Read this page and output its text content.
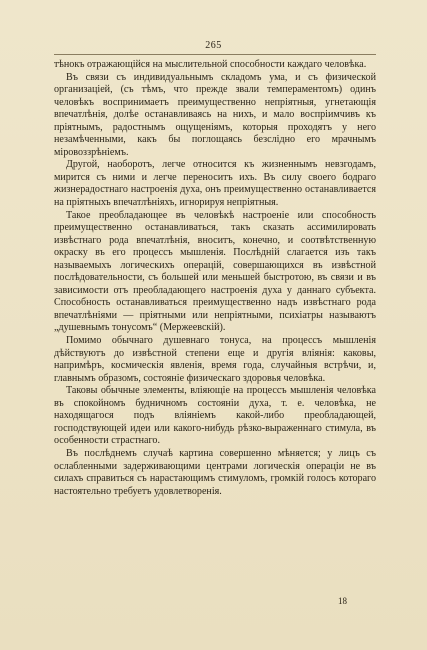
265

тѣнокъ отражающійся на мыслительной способности каждаго человѣка.

Въ связи съ индивидуальнымъ складомъ ума, и съ физической организаціей, (съ тѣмъ, что прежде звали темпераментомъ) одинъ человѣкъ воспринимаетъ преимущественно непріятныя, угнетающія впечатлѣнія, долѣе останавливаясь на нихъ, и мало воспріимчивъ къ пріятнымъ, радостнымъ ощущеніямъ, которыя проходятъ у него незамѣченными, какъ бы поглощаясь безсліднo его мрачнымъ міровоззрѣніемъ.

Другой, наоборотъ, легче относится къ жизненнымъ невзгодамъ, мирится съ ними и легче переноситъ ихъ. Въ силу своего бодраго жизнерадостнаго настроенія духа, онъ преимущественно останавливается на пріятныхъ впечатлѣніяхъ, игнорируя непріятныя.

Такое преобладающее въ человѣкѣ настроеніе или способность преимущественно останавливаться, такъ сказать ассимилировать извѣстнаго рода впечатлѣнія, вноситъ, конечно, и соотвѣтственную окраску въ его процессъ мышленія. Послѣдній слагается изъ такъ называемыхъ логическихъ операцій, совершающихся въ извѣстной послѣдовательности, съ большей или меньшей быстротою, въ связи и въ зависимости отъ преобладающего настроенія духа у даннаго субъекта. Способность останавливаться преимущественно надъ извѣстнаго рода впечатлѣніями — пріятными или непріятными, психіатры называютъ „душевнымъ тонусомъ“ (Мержеевскій).

Помимо обычнаго душевнаго тонуса, на процессъ мышленія дѣйствуютъ до извѣстной степени еще и другія вліянія: каковы, напримѣръ, космическія явленія, время года, случайныя встрѣчи, и, главнымъ образомъ, состояніе физическаго здоровья человѣка.

Таковы обычные элементы, вліяющіе на процессъ мышленія человѣка въ спокойномъ будничномъ состояніи духа, т. е. человѣка, не находящагося подъ вліяніемъ какой-либо преобладающей, господствующей идеи или какого-нибудь рѣзко-выраженнаго стимула, въ особенности страстнаго.

Въ послѣднемъ случаѣ картина совершенно мѣняется; у лицъ съ ослабленными задерживающими центрами логическія операціи не въ силахъ справиться съ нарастающимъ стимуломъ, громкій голосъ котораго настоятельно требуетъ удовлетворенія.

18
